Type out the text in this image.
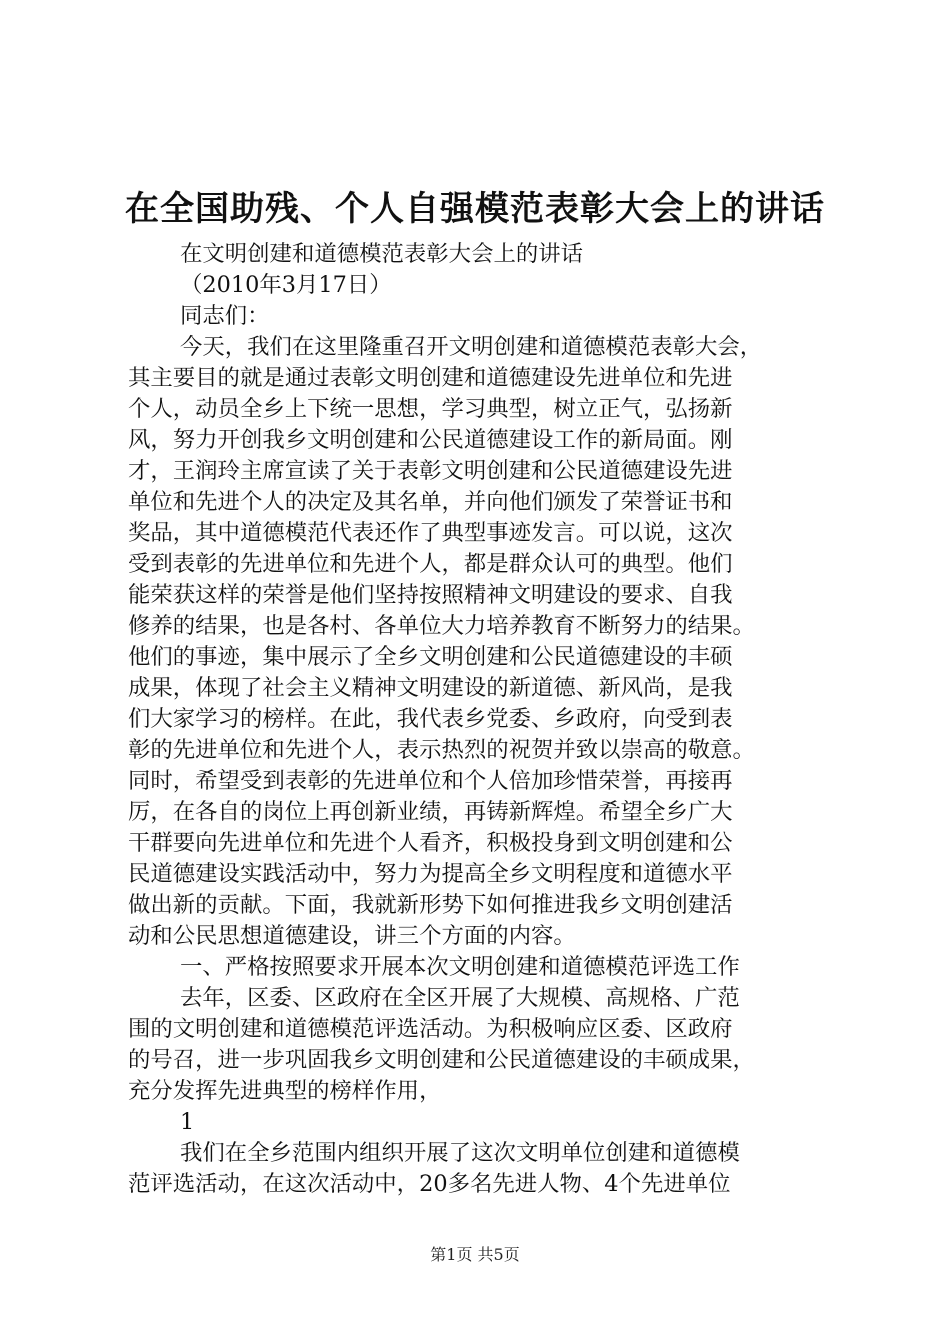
在全国助残、个人自强模范表彰大会上的讲话
在文明创建和道德模范表彰大会上的讲话
（2010年3月17日）
同志们：
今天，我们在这里隆重召开文明创建和道德模范表彰大会，
其主要目的就是通过表彰文明创建和道德建设先进单位和先进
个人，动员全乡上下统一思想，学习典型，树立正气，弘扬新
风，努力开创我乡文明创建和公民道德建设工作的新局面。刚
才，王润玲主席宣读了关于表彰文明创建和公民道德建设先进
单位和先进个人的决定及其名单，并向他们颁发了荣誉证书和
奖品，其中道德模范代表还作了典型事迹发言。可以说，这次
受到表彰的先进单位和先进个人，都是群众认可的典型。他们
能荣获这样的荣誉是他们坚持按照精神文明建设的要求、自我
修养的结果，也是各村、各单位大力培养教育不断努力的结果。
他们的事迹，集中展示了全乡文明创建和公民道德建设的丰硕
成果，体现了社会主义精神文明建设的新道德、新风尚，是我
们大家学习的榜样。在此，我代表乡党委、乡政府，向受到表
彰的先进单位和先进个人，表示热烈的祝贺并致以崇高的敬意。
同时，希望受到表彰的先进单位和个人倍加珍惜荣誉，再接再
厉，在各自的岗位上再创新业绩，再铸新辉煌。希望全乡广大
干群要向先进单位和先进个人看齐，积极投身到文明创建和公
民道德建设实践活动中，努力为提高全乡文明程度和道德水平
做出新的贡献。下面，我就新形势下如何推进我乡文明创建活
动和公民思想道德建设，讲三个方面的内容。
一、严格按照要求开展本次文明创建和道德模范评选工作
去年，区委、区政府在全区开展了大规模、高规格、广范
围的文明创建和道德模范评选活动。为积极响应区委、区政府
的号召，进一步巩固我乡文明创建和公民道德建设的丰硕成果，
充分发挥先进典型的榜样作用，
1
我们在全乡范围内组织开展了这次文明单位创建和道德模
范评选活动，在这次活动中，20多名先进人物、4个先进单位
第1页 共5页
